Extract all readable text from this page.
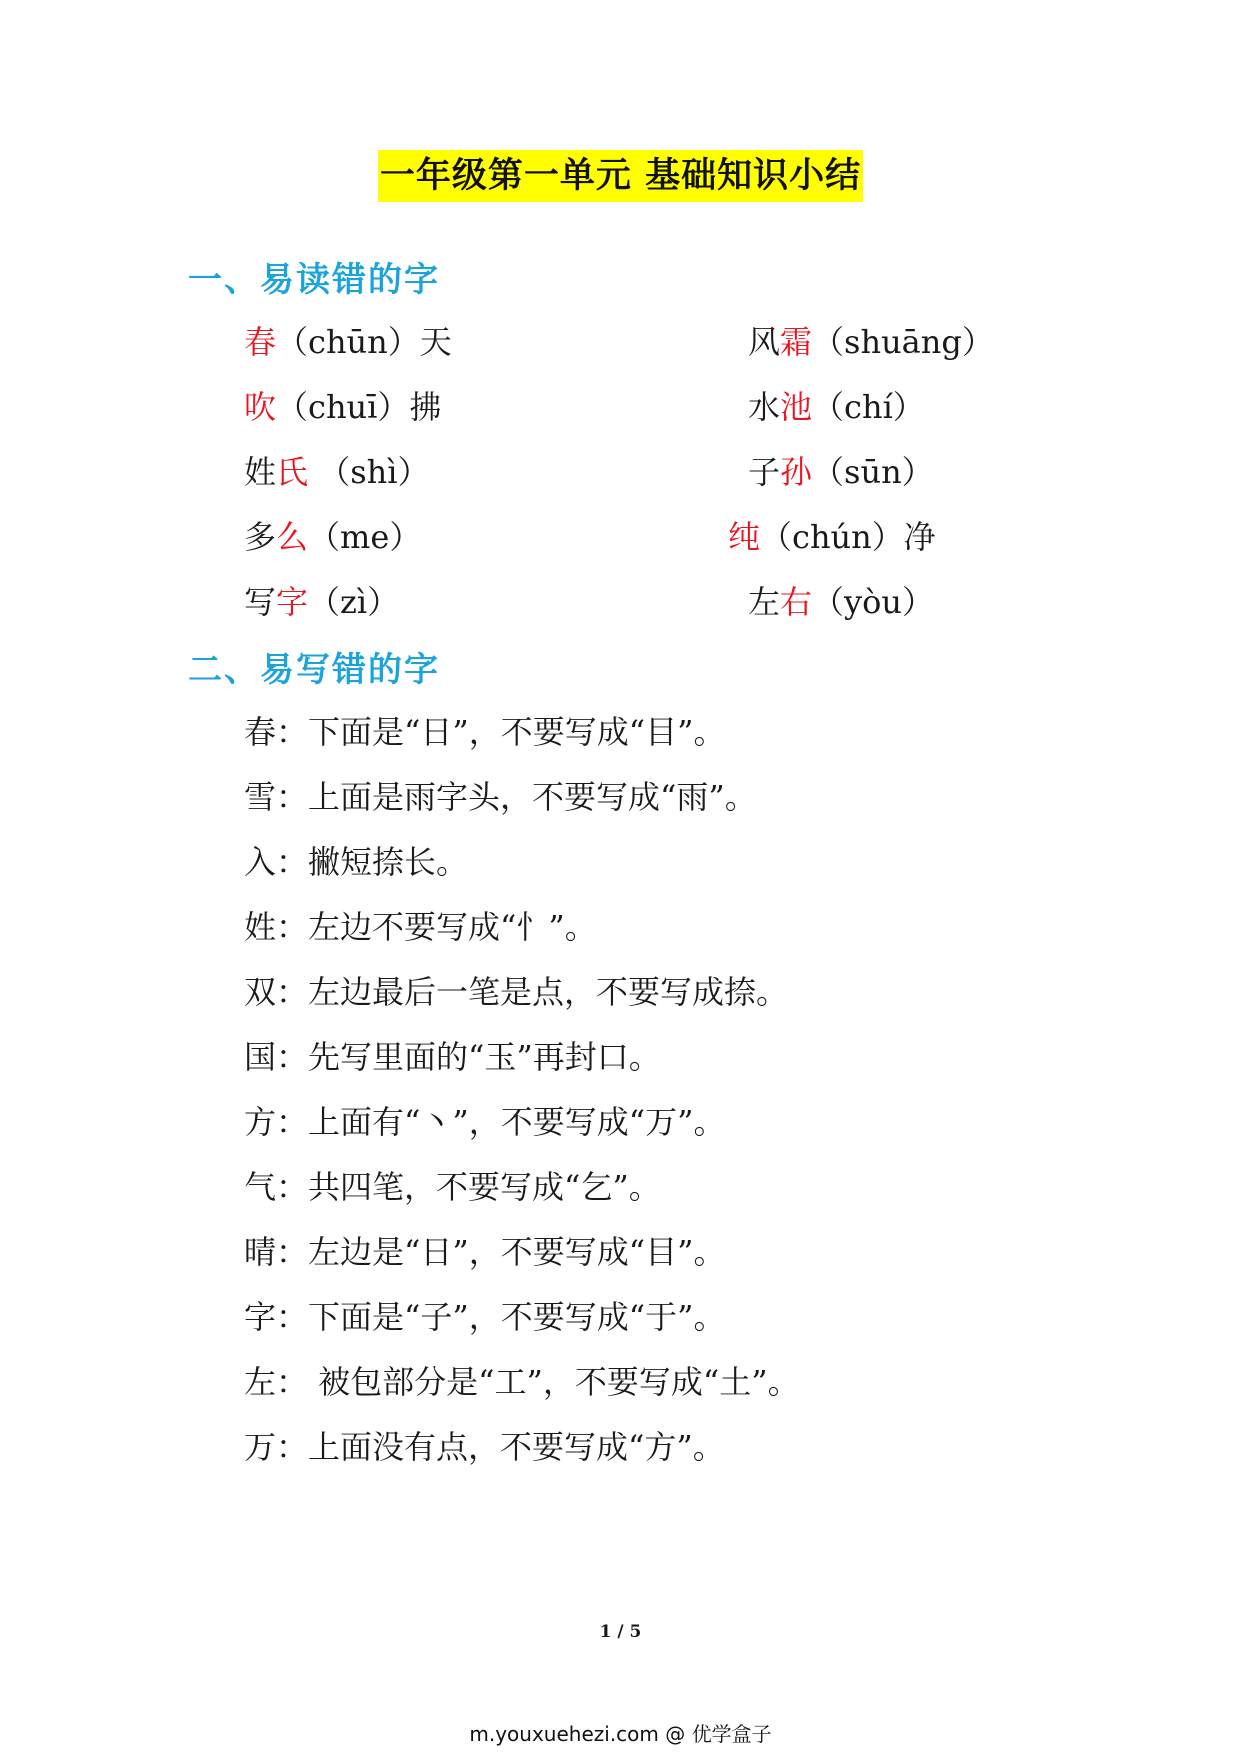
一年级第一单元 基础知识小结
一、易读错的字
春（chūn）天
吹（chuī）拂
姓氏 （shì）
多么（me）
写字（zì）
风霜（shuāng）
水池（chí）
子孙（sūn）
纯（chún）净
左右（yòu）
二、易写错的字
春：下面是“日”，不要写成“目”。
雪：上面是雨字头，不要写成“雨”。
入：撇短捺长。
姓：左边不要写成“忄”。
双：左边最后一笔是点，不要写成捺。
国：先写里面的“玉”再封口。
方：上面有“丶”，不要写成“万”。
气：共四笔，不要写成“乞”。
晴：左边是“日”，不要写成“目”。
字：下面是“子”，不要写成“于”。
左： 被包部分是“工”，不要写成“土”。
万：上面没有点，不要写成“方”。
1 / 5
m.youxuehezi.com @ 优学盒子
